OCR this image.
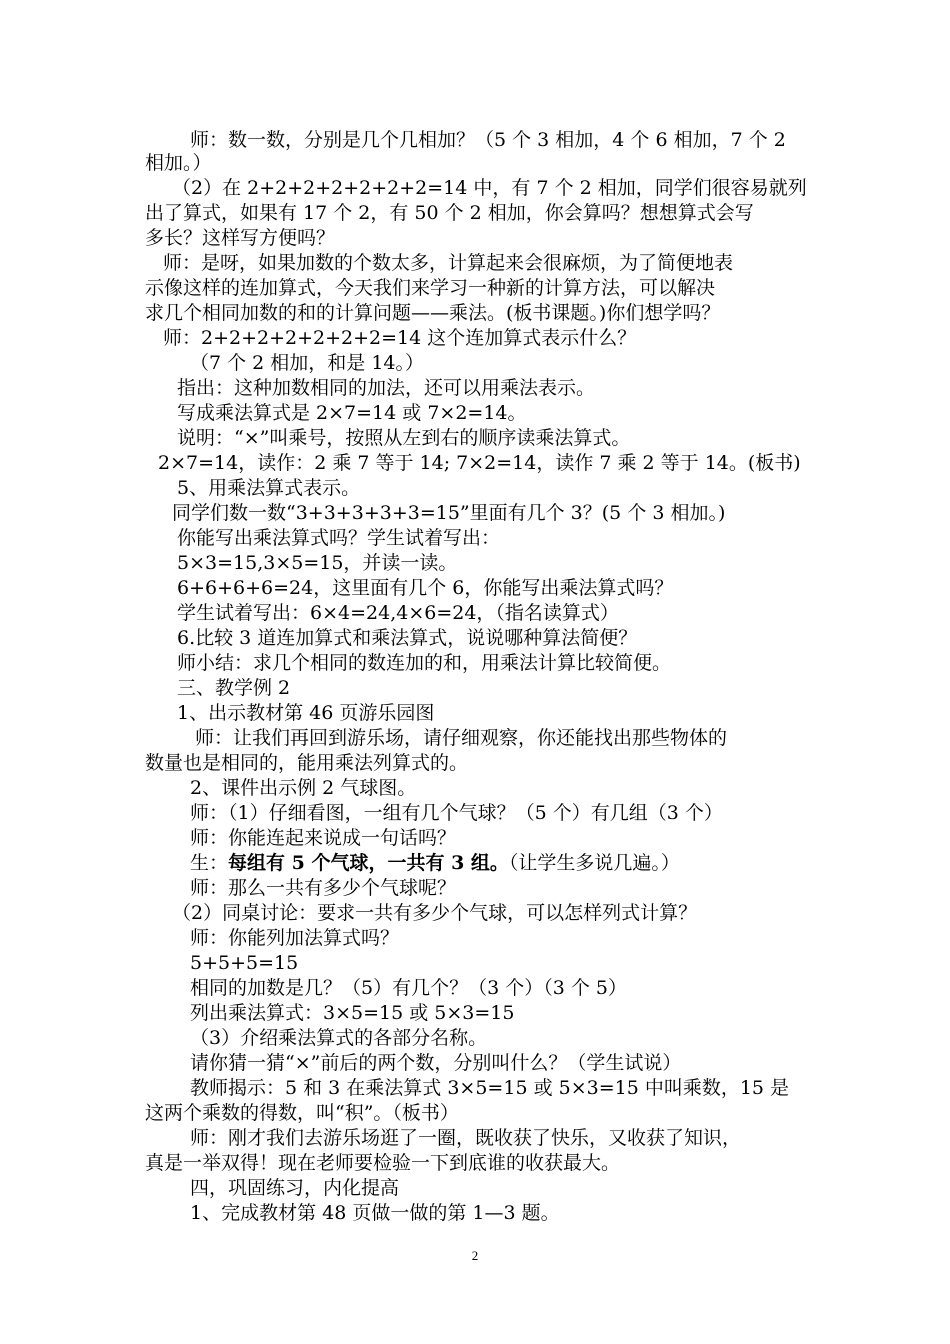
师：数一数，分别是几个几相加？（5 个 3 相加，4 个 6 相加，7 个 2
相加。）
（2）在 2+2+2+2+2+2+2=14 中，有 7 个 2 相加，同学们很容易就列
出了算式，如果有 17 个 2，有 50 个 2 相加，你会算吗？想想算式会写
多长？这样写方便吗？
师：是呀，如果加数的个数太多，计算起来会很麻烦，为了简便地表
示像这样的连加算式，今天我们来学习一种新的计算方法，可以解决
求几个相同加数的和的计算问题——乘法。(板书课题。)你们想学吗？
师：2+2+2+2+2+2+2=14 这个连加算式表示什么？
（7 个 2 相加，和是 14。）
指出：这种加数相同的加法，还可以用乘法表示。
写成乘法算式是 2×7=14 或 7×2=14。
说明：“×”叫乘号，按照从左到右的顺序读乘法算式。
2×7=14，读作：2 乘 7 等于 14; 7×2=14，读作 7 乘 2 等于 14。(板书)
5、用乘法算式表示。
同学们数一数“3+3+3+3+3=15”里面有几个 3？(5 个 3 相加。)
你能写出乘法算式吗？学生试着写出：
5×3=15,3×5=15，并读一读。
6+6+6+6=24，这里面有几个 6，你能写出乘法算式吗？
学生试着写出：6×4=24,4×6=24，（指名读算式）
6.比较 3 道连加算式和乘法算式，说说哪种算法简便？
师小结：求几个相同的数连加的和，用乘法计算比较简便。
三、教学例 2
1、出示教材第 46 页游乐园图
师：让我们再回到游乐场，请仔细观察，你还能找出那些物体的
数量也是相同的，能用乘法列算式的。
2、课件出示例 2 气球图。
师：（1）仔细看图，一组有几个气球？（5 个）有几组（3 个）
师：你能连起来说成一句话吗？
生：每组有 5 个气球，一共有 3 组。（让学生多说几遍。）
师：那么一共有多少个气球呢？
（2）同桌讨论：要求一共有多少个气球，可以怎样列式计算？
师：你能列加法算式吗？
5+5+5=15
相同的加数是几？（5）有几个？（3 个）（3 个 5）
列出乘法算式：3×5=15 或 5×3=15
（3）介绍乘法算式的各部分名称。
请你猜一猜“×”前后的两个数，分别叫什么？（学生试说）
教师揭示：5 和 3 在乘法算式 3×5=15 或 5×3=15 中叫乘数，15 是
这两个乘数的得数，叫“积”。（板书）
师：刚才我们去游乐场逛了一圈，既收获了快乐，又收获了知识，
真是一举双得！现在老师要检验一下到底谁的收获最大。
四，巩固练习，内化提高
1、完成教材第 48 页做一做的第 1—3 题。
2
